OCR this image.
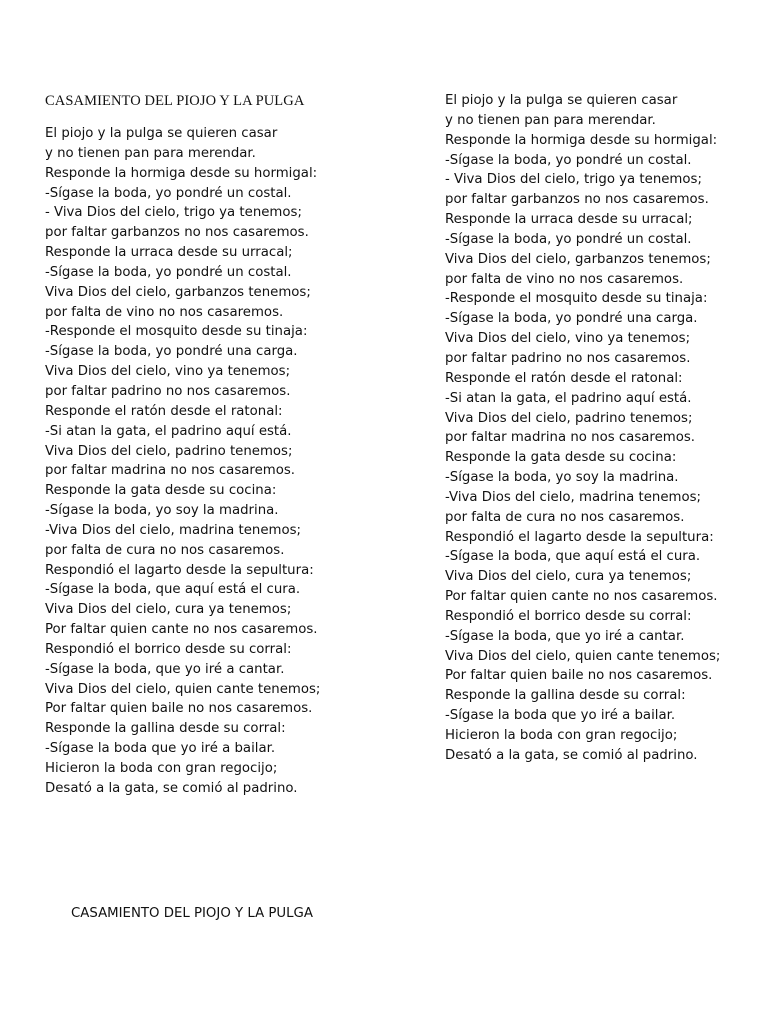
CASAMIENTO DEL PIOJO Y LA PULGA
El piojo y la pulga se quieren casar
y no tienen pan para merendar.
Responde la hormiga desde su hormigal:
-Sígase la boda, yo pondré un costal.
- Viva Dios del cielo, trigo ya tenemos;
por faltar garbanzos no nos casaremos.
Responde la urraca desde su urracal;
-Sígase la boda, yo pondré un costal.
Viva Dios del cielo, garbanzos tenemos;
por falta de vino no nos casaremos.
-Responde el mosquito desde su tinaja:
-Sígase la boda, yo pondré una carga.
Viva Dios del cielo, vino ya tenemos;
por faltar padrino no nos casaremos.
Responde el ratón desde el ratonal:
-Si atan la gata, el padrino aquí está.
Viva Dios del cielo, padrino tenemos;
por faltar madrina no nos casaremos.
Responde la gata desde su cocina:
-Sígase la boda, yo soy la madrina.
-Viva Dios del cielo, madrina tenemos;
por falta de cura no nos casaremos.
Respondió el lagarto desde la sepultura:
-Sígase la boda, que aquí está el cura.
Viva Dios del cielo, cura ya tenemos;
Por faltar quien cante no nos casaremos.
Respondió el borrico desde su corral:
-Sígase la boda, que yo iré a cantar.
Viva Dios del cielo, quien cante tenemos;
Por faltar quien baile no nos casaremos.
Responde la gallina desde su corral:
-Sígase la boda que yo iré a bailar.
Hicieron la boda con gran regocijo;
Desató a la gata, se comió al padrino.
El piojo y la pulga se quieren casar
y no tienen pan para merendar.
Responde la hormiga desde su hormigal:
-Sígase la boda, yo pondré un costal.
- Viva Dios del cielo, trigo ya tenemos;
por faltar garbanzos no nos casaremos.
Responde la urraca desde su urracal;
-Sígase la boda, yo pondré un costal.
Viva Dios del cielo, garbanzos tenemos;
por falta de vino no nos casaremos.
-Responde el mosquito desde su tinaja:
-Sígase la boda, yo pondré una carga.
Viva Dios del cielo, vino ya tenemos;
por faltar padrino no nos casaremos.
Responde el ratón desde el ratonal:
-Si atan la gata, el padrino aquí está.
Viva Dios del cielo, padrino tenemos;
por faltar madrina no nos casaremos.
Responde la gata desde su cocina:
-Sígase la boda, yo soy la madrina.
-Viva Dios del cielo, madrina tenemos;
por falta de cura no nos casaremos.
Respondió el lagarto desde la sepultura:
-Sígase la boda, que aquí está el cura.
Viva Dios del cielo, cura ya tenemos;
Por faltar quien cante no nos casaremos.
Respondió el borrico desde su corral:
-Sígase la boda, que yo iré a cantar.
Viva Dios del cielo, quien cante tenemos;
Por faltar quien baile no nos casaremos.
Responde la gallina desde su corral:
-Sígase la boda que yo iré a bailar.
Hicieron la boda con gran regocijo;
Desató a la gata, se comió al padrino.
CASAMIENTO DEL PIOJO Y LA PULGA
